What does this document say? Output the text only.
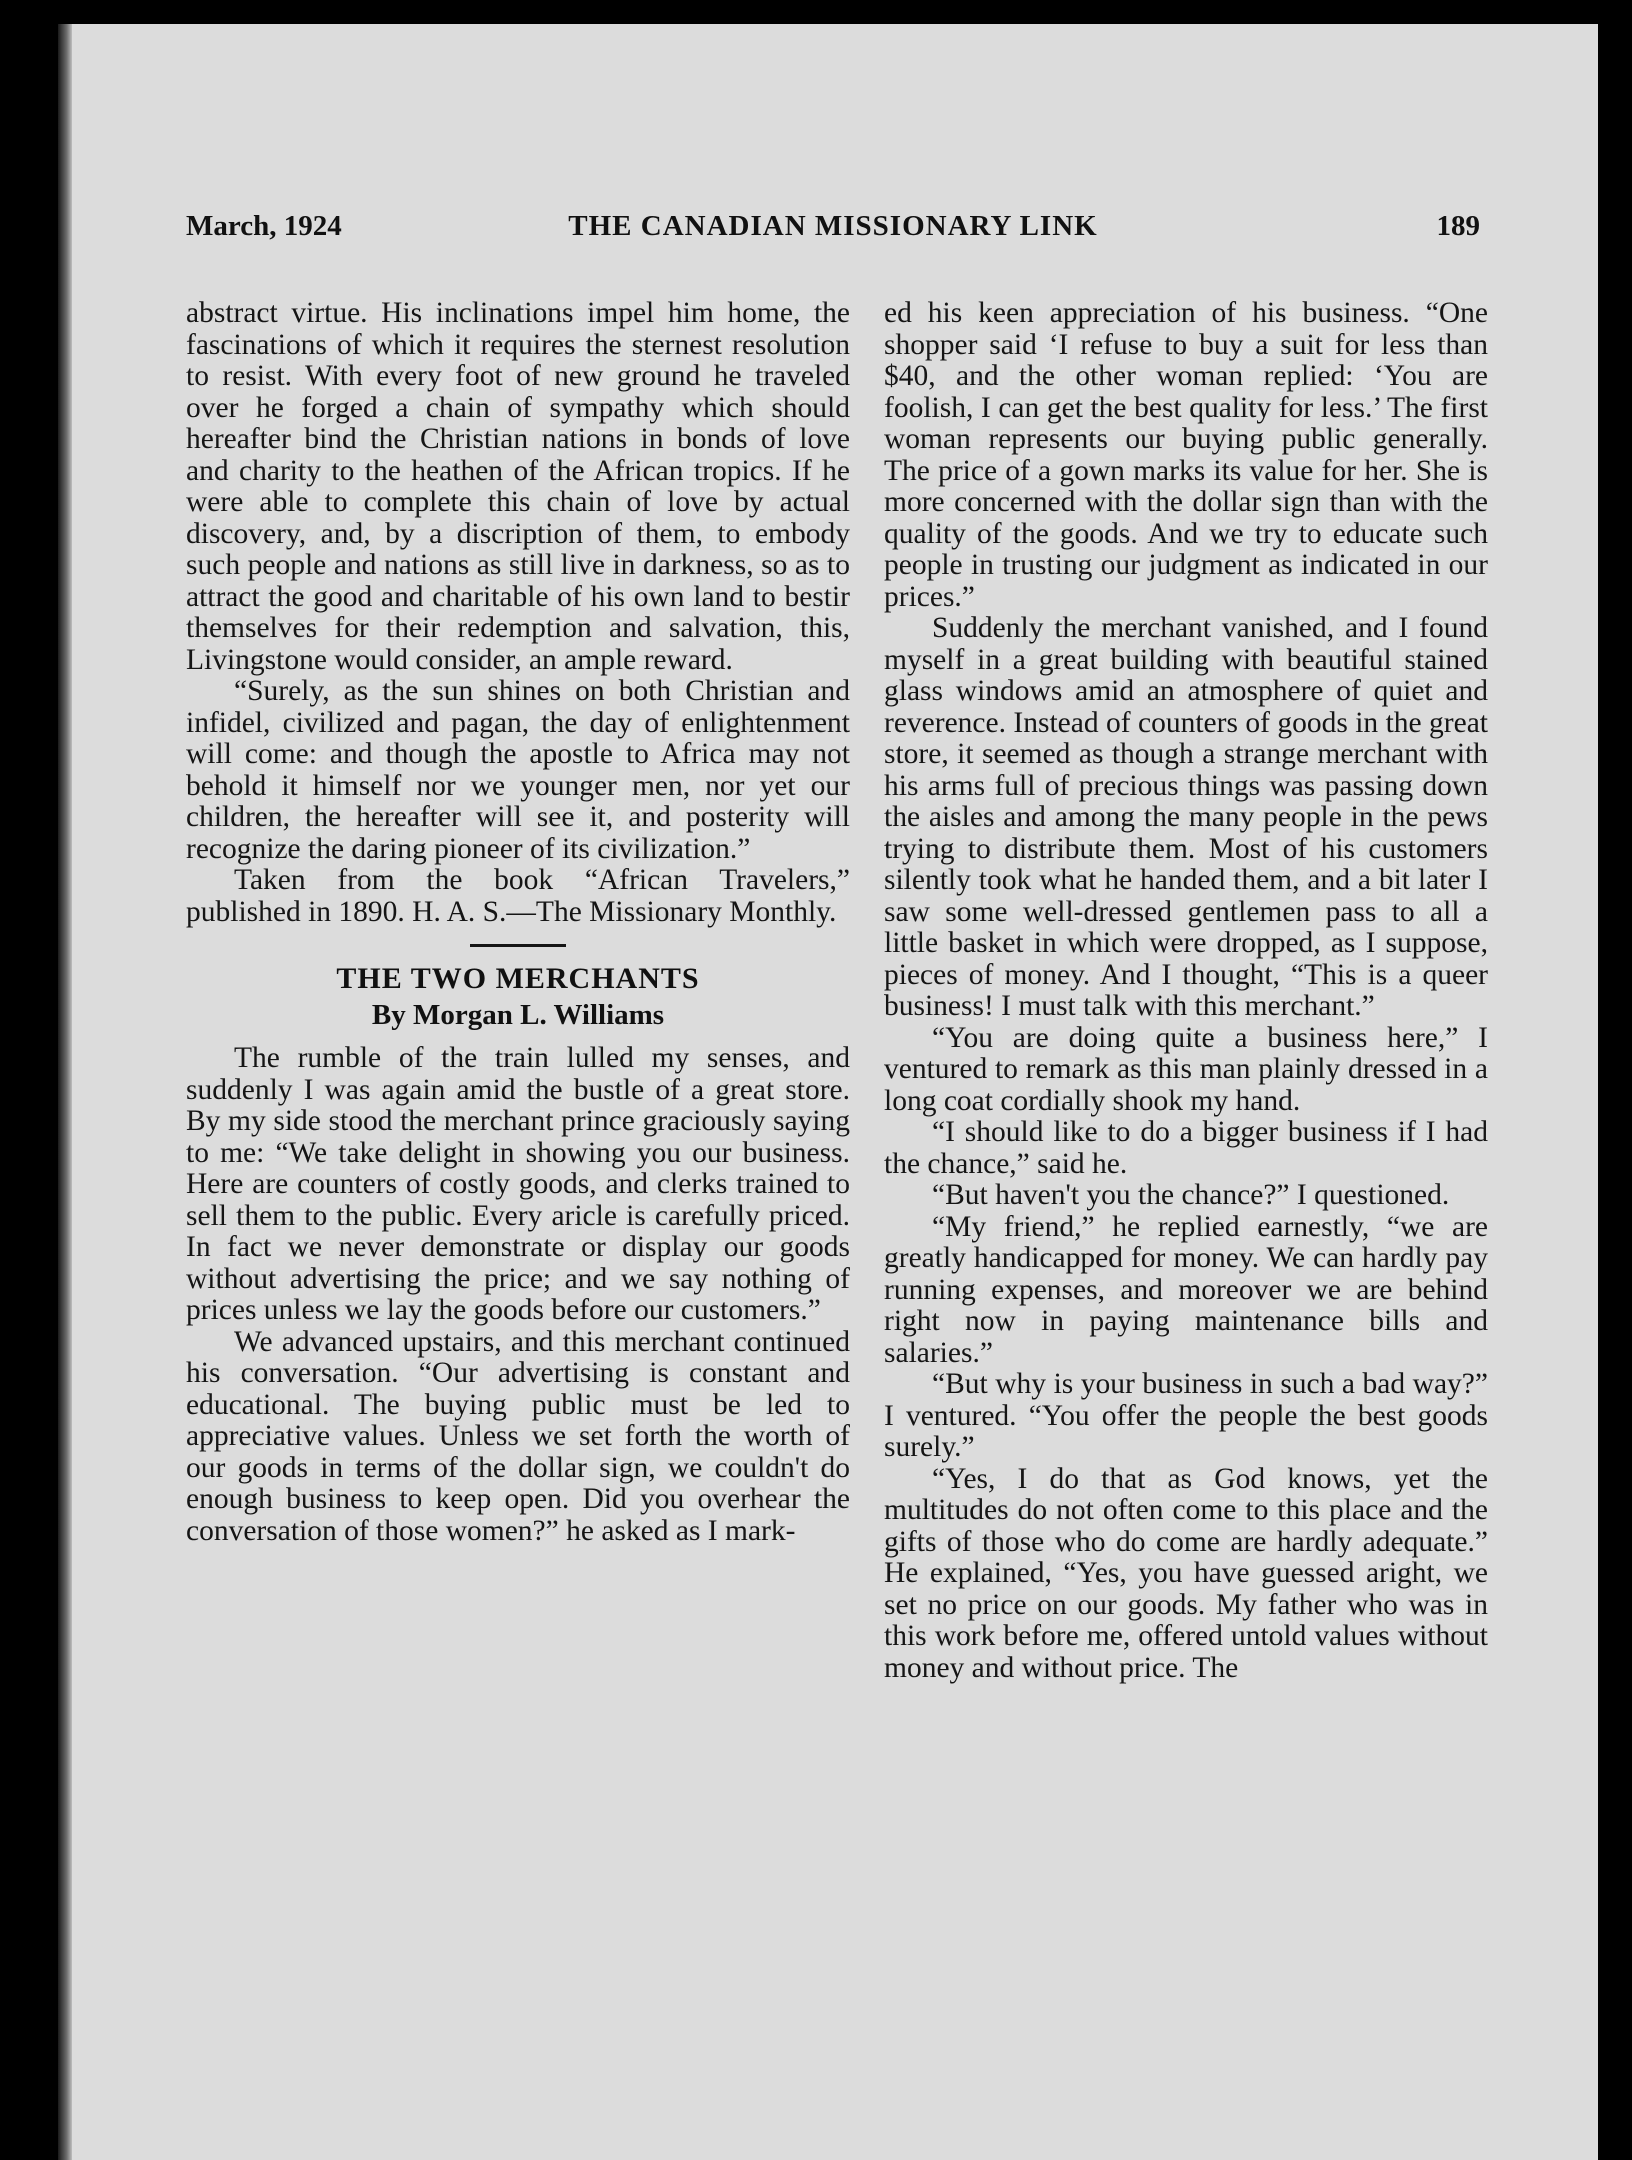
March, 1924	THE CANADIAN MISSIONARY LINK	189

abstract virtue. His inclinations impel him home, the fascinations of which it requires the sternest resolution to resist. With every foot of new ground he traveled over he forged a chain of sympathy which should hereafter bind the Christian nations in bonds of love and charity to the heathen of the African tropics. If he were able to complete this chain of love by actual discovery, and, by a discription of them, to embody such people and nations as still live in darkness, so as to attract the good and charitable of his own land to bestir themselves for their redemption and salvation, this, Livingstone would consider, an ample reward.

“Surely, as the sun shines on both Christian and infidel, civilized and pagan, the day of enlightenment will come: and though the apostle to Africa may not behold it himself nor we younger men, nor yet our children, the hereafter will see it, and posterity will recognize the daring pioneer of its civilization.”

Taken from the book “African Travelers,” published in 1890. H. A. S.—The Missionary Monthly.

THE TWO MERCHANTS
By Morgan L. Williams

The rumble of the train lulled my senses, and suddenly I was again amid the bustle of a great store. By my side stood the merchant prince graciously saying to me: “We take delight in showing you our business. Here are counters of costly goods, and clerks trained to sell them to the public. Every aricle is carefully priced. In fact we never demonstrate or display our goods without advertising the price; and we say nothing of prices unless we lay the goods before our customers.”

We advanced upstairs, and this merchant continued his conversation. “Our advertising is constant and educational. The buying public must be led to appreciative values. Unless we set forth the worth of our goods in terms of the dollar sign, we couldn't do enough business to keep open. Did you overhear the conversation of those women?” he asked as I mark-

ed his keen appreciation of his business. “One shopper said ‘I refuse to buy a suit for less than $40, and the other woman replied: ‘You are foolish, I can get the best quality for less.’ The first woman represents our buying public generally. The price of a gown marks its value for her. She is more concerned with the dollar sign than with the quality of the goods. And we try to educate such people in trusting our judgment as indicated in our prices.”

Suddenly the merchant vanished, and I found myself in a great building with beautiful stained glass windows amid an atmosphere of quiet and reverence. Instead of counters of goods in the great store, it seemed as though a strange merchant with his arms full of precious things was passing down the aisles and among the many people in the pews trying to distribute them. Most of his customers silently took what he handed them, and a bit later I saw some well-dressed gentlemen pass to all a little basket in which were dropped, as I suppose, pieces of money. And I thought, “This is a queer business! I must talk with this merchant.”

“You are doing quite a business here,” I ventured to remark as this man plainly dressed in a long coat cordially shook my hand.

“I should like to do a bigger business if I had the chance,” said he.

“But haven't you the chance?” I questioned.

“My friend,” he replied earnestly, “we are greatly handicapped for money. We can hardly pay running expenses, and moreover we are behind right now in paying maintenance bills and salaries.”

“But why is your business in such a bad way?” I ventured. “You offer the people the best goods surely.”

“Yes, I do that as God knows, yet the multitudes do not often come to this place and the gifts of those who do come are hardly adequate.” He explained, “Yes, you have guessed aright, we set no price on our goods. My father who was in this work before me, offered untold values without money and without price. The
